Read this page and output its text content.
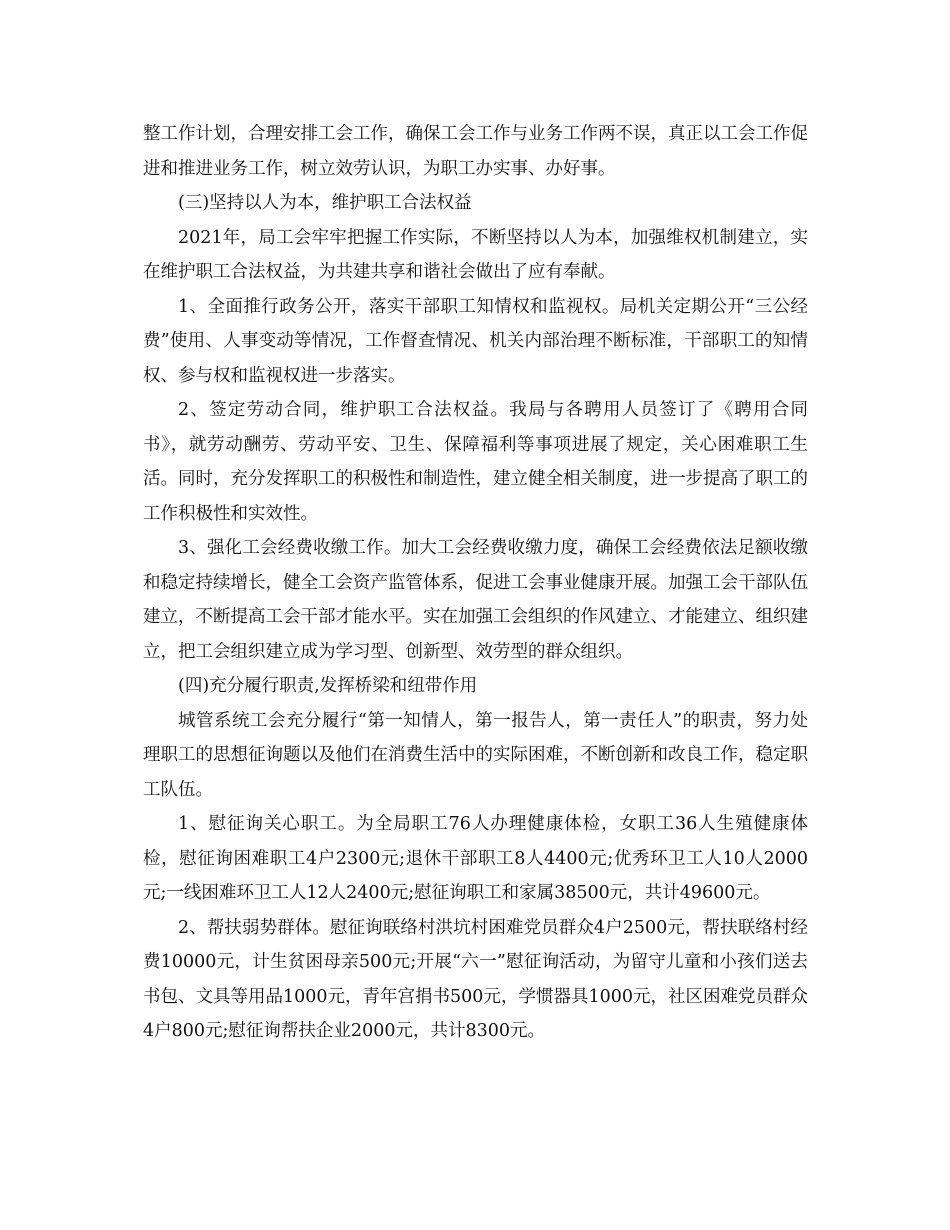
整工作计划，合理安排工会工作，确保工会工作与业务工作两不误，真正以工会工作促进和推进业务工作，树立效劳认识，为职工办实事、办好事。

(三)坚持以人为本，维护职工合法权益

2021年，局工会牢牢把握工作实际，不断坚持以人为本，加强维权机制建立，实在维护职工合法权益，为共建共享和谐社会做出了应有奉献。

1、全面推行政务公开，落实干部职工知情权和监视权。局机关定期公开“三公经费”使用、人事变动等情况，工作督查情况、机关内部治理不断标准，干部职工的知情权、参与权和监视权进一步落实。

2、签定劳动合同，维护职工合法权益。我局与各聘用人员签订了《聘用合同书》，就劳动酬劳、劳动平安、卫生、保障福利等事项进展了规定，关心困难职工生活。同时，充分发挥职工的积极性和制造性，建立健全相关制度，进一步提高了职工的工作积极性和实效性。

3、强化工会经费收缴工作。加大工会经费收缴力度，确保工会经费依法足额收缴和稳定持续增长，健全工会资产监管体系，促进工会事业健康开展。加强工会干部队伍建立，不断提高工会干部才能水平。实在加强工会组织的作风建立、才能建立、组织建立，把工会组织建立成为学习型、创新型、效劳型的群众组织。

(四)充分履行职责,发挥桥梁和纽带作用

城管系统工会充分履行“第一知情人，第一报告人，第一责任人”的职责，努力处理职工的思想征询题以及他们在消费生活中的实际困难，不断创新和改良工作，稳定职工队伍。

1、慰征询关心职工。为全局职工76人办理健康体检，女职工36人生殖健康体检，慰征询困难职工4户2300元;退休干部职工8人4400元;优秀环卫工人10人2000元;一线困难环卫工人12人2400元;慰征询职工和家属38500元，共计49600元。

2、帮扶弱势群体。慰征询联络村洪坑村困难党员群众4户2500元，帮扶联络村经费10000元，计生贫困母亲500元;开展“六一”慰征询活动，为留守儿童和小孩们送去书包、文具等用品1000元，青年宫捐书500元，学惯器具1000元，社区困难党员群众4户800元;慰征询帮扶企业2000元，共计8300元。
